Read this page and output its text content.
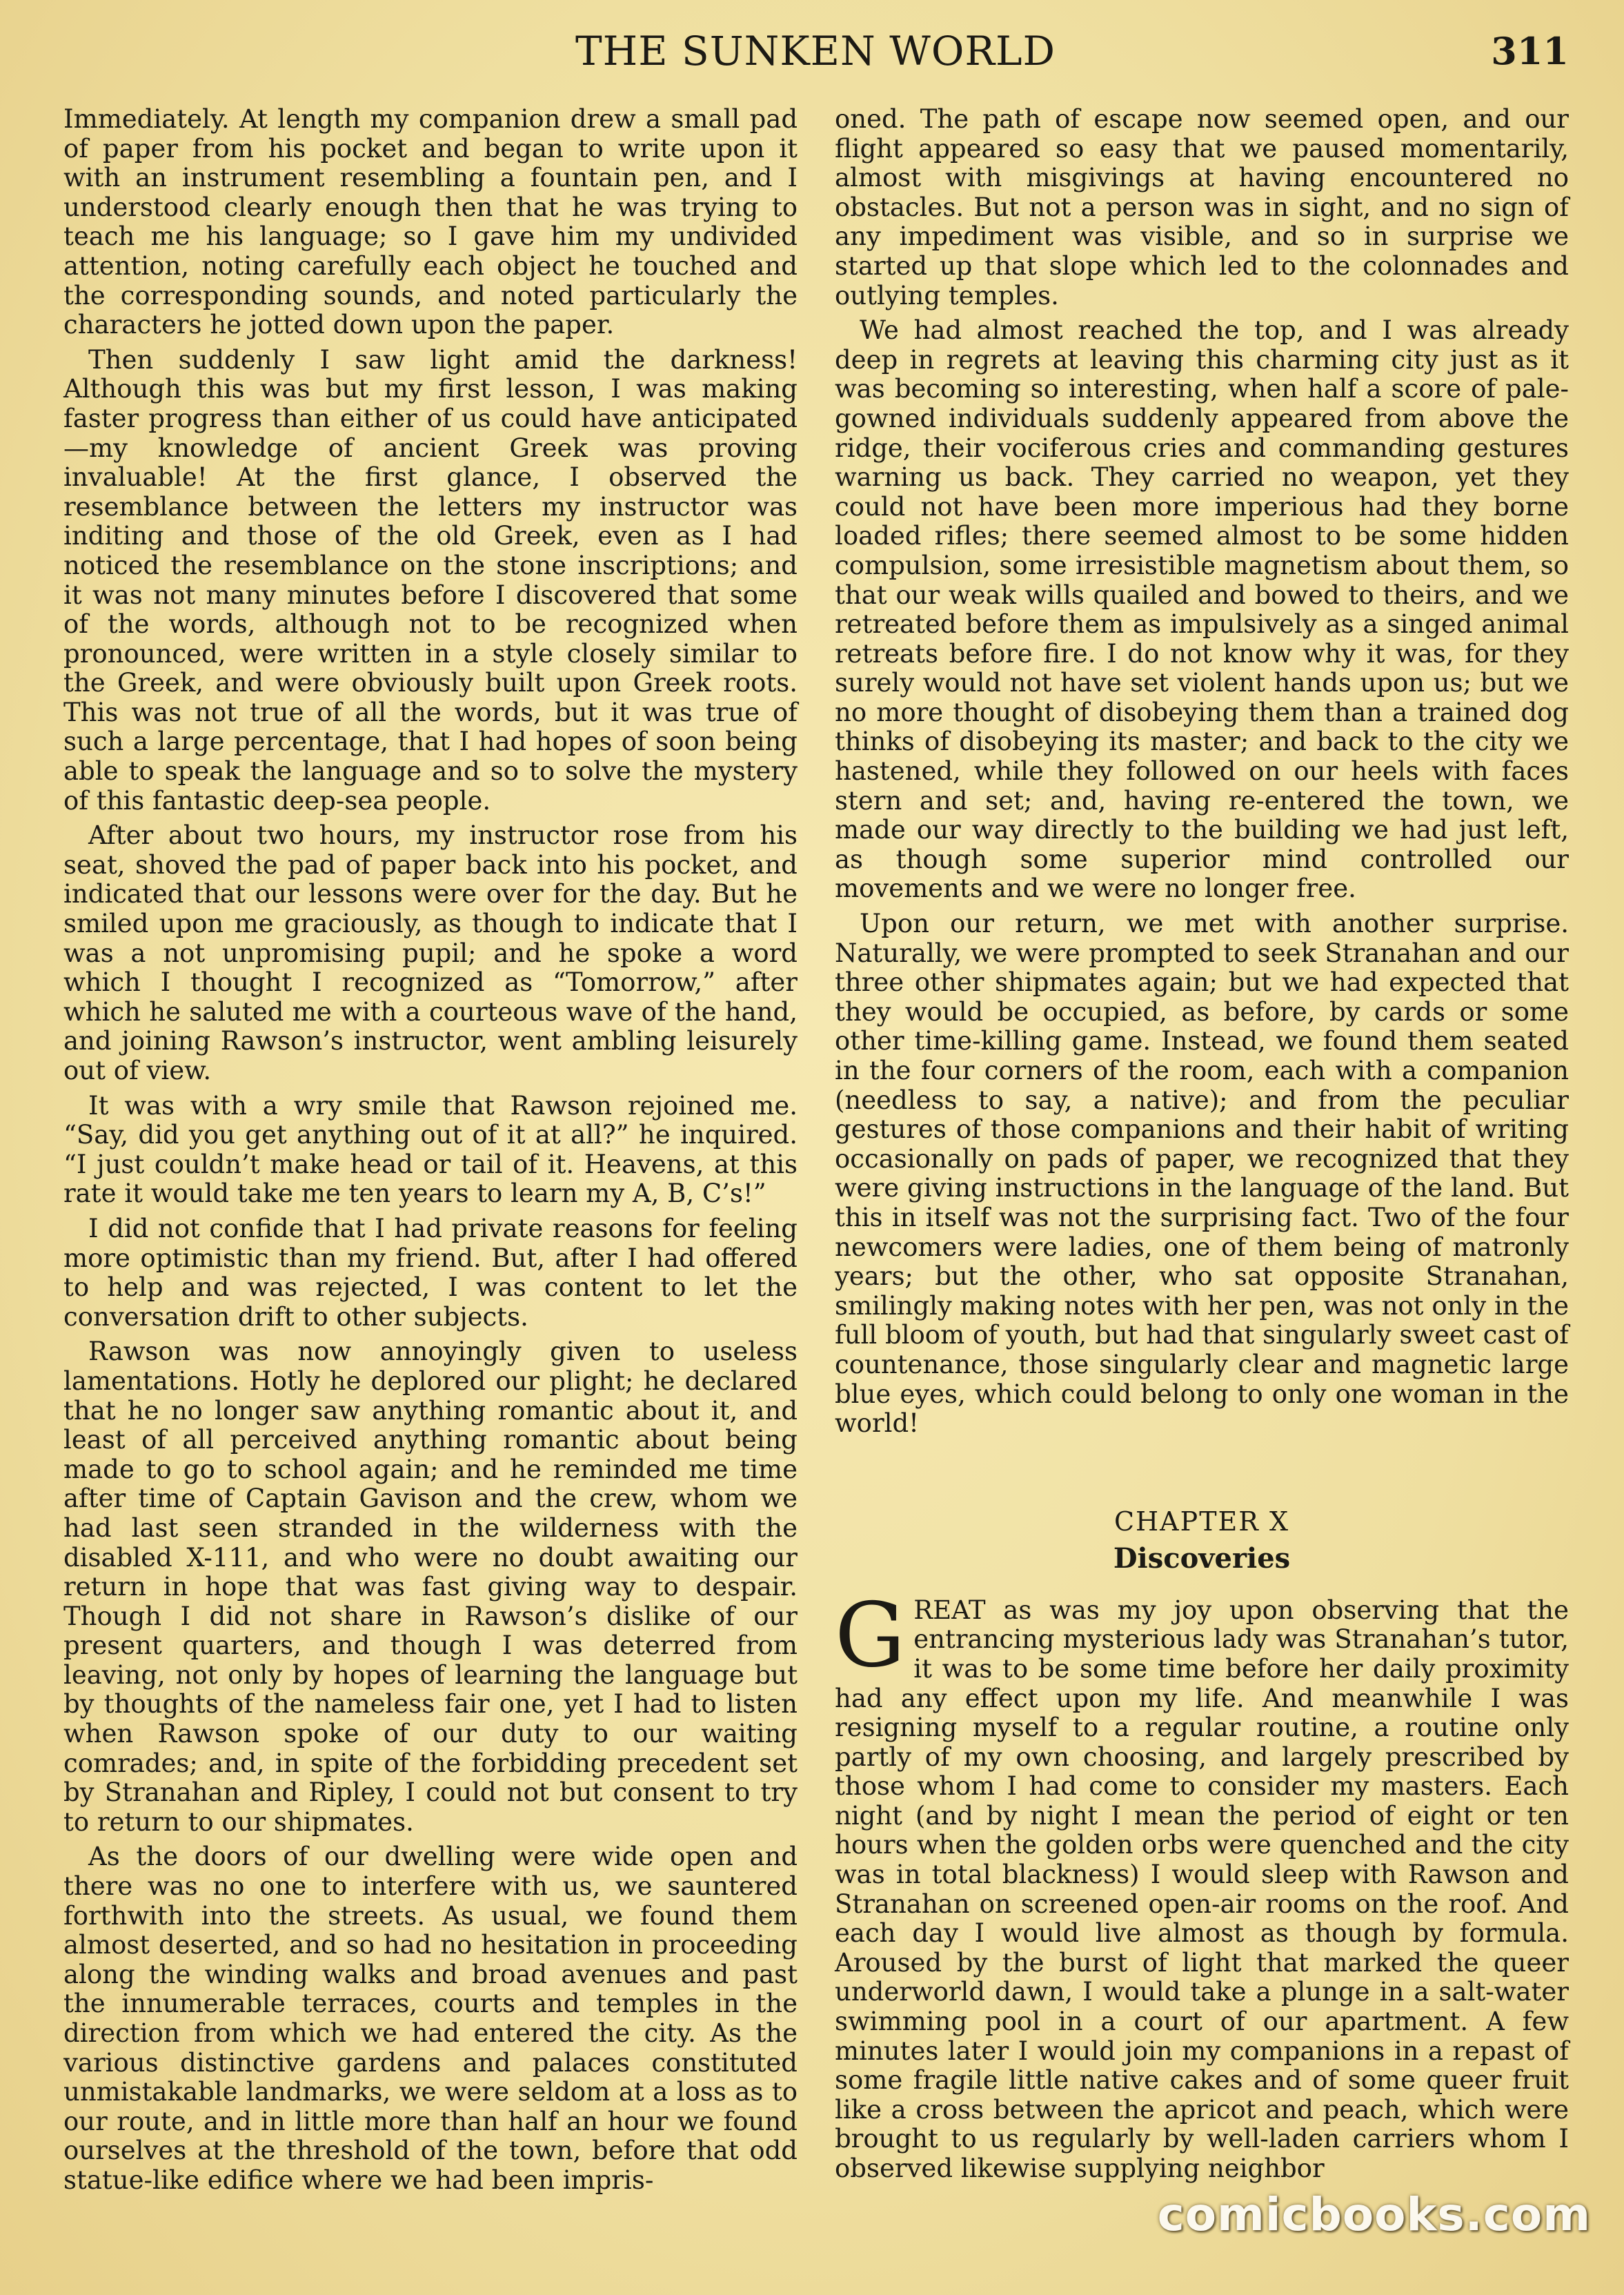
THE SUNKEN WORLD	311

Immediately. At length my companion drew a small pad of paper from his pocket and began to write upon it with an instrument resembling a fountain pen, and I understood clearly enough then that he was trying to teach me his language; so I gave him my undivided attention, noting carefully each object he touched and the corresponding sounds, and noted particularly the characters he jotted down upon the paper.

Then suddenly I saw light amid the darkness! Although this was but my first lesson, I was making faster progress than either of us could have anticipated —my knowledge of ancient Greek was proving invaluable! At the first glance, I observed the resemblance between the letters my instructor was inditing and those of the old Greek, even as I had noticed the resemblance on the stone inscriptions; and it was not many minutes before I discovered that some of the words, although not to be recognized when pronounced, were written in a style closely similar to the Greek, and were obviously built upon Greek roots. This was not true of all the words, but it was true of such a large percentage, that I had hopes of soon being able to speak the language and so to solve the mystery of this fantastic deep-sea people.

After about two hours, my instructor rose from his seat, shoved the pad of paper back into his pocket, and indicated that our lessons were over for the day. But he smiled upon me graciously, as though to indicate that I was a not unpromising pupil; and he spoke a word which I thought I recognized as “Tomorrow,” after which he saluted me with a courteous wave of the hand, and joining Rawson’s instructor, went ambling leisurely out of view.

It was with a wry smile that Rawson rejoined me. “Say, did you get anything out of it at all?” he inquired. “I just couldn’t make head or tail of it. Heavens, at this rate it would take me ten years to learn my A, B, C’s!”

I did not confide that I had private reasons for feeling more optimistic than my friend. But, after I had offered to help and was rejected, I was content to let the conversation drift to other subjects.

Rawson was now annoyingly given to useless lamentations. Hotly he deplored our plight; he declared that he no longer saw anything romantic about it, and least of all perceived anything romantic about being made to go to school again; and he reminded me time after time of Captain Gavison and the crew, whom we had last seen stranded in the wilderness with the disabled X-111, and who were no doubt awaiting our return in hope that was fast giving way to despair. Though I did not share in Rawson’s dislike of our present quarters, and though I was deterred from leaving, not only by hopes of learning the language but by thoughts of the nameless fair one, yet I had to listen when Rawson spoke of our duty to our waiting comrades; and, in spite of the forbidding precedent set by Stranahan and Ripley, I could not but consent to try to return to our shipmates.

As the doors of our dwelling were wide open and there was no one to interfere with us, we sauntered forthwith into the streets. As usual, we found them almost deserted, and so had no hesitation in proceeding along the winding walks and broad avenues and past the innumerable terraces, courts and temples in the direction from which we had entered the city. As the various distinctive gardens and palaces constituted unmistakable landmarks, we were seldom at a loss as to our route, and in little more than half an hour we found ourselves at the threshold of the town, before that odd statue-like edifice where we had been impris-

oned. The path of escape now seemed open, and our flight appeared so easy that we paused momentarily, almost with misgivings at having encountered no obstacles. But not a person was in sight, and no sign of any impediment was visible, and so in surprise we started up that slope which led to the colonnades and outlying temples.

We had almost reached the top, and I was already deep in regrets at leaving this charming city just as it was becoming so interesting, when half a score of pale-gowned individuals suddenly appeared from above the ridge, their vociferous cries and commanding gestures warning us back. They carried no weapon, yet they could not have been more imperious had they borne loaded rifles; there seemed almost to be some hidden compulsion, some irresistible magnetism about them, so that our weak wills quailed and bowed to theirs, and we retreated before them as impulsively as a singed animal retreats before fire. I do not know why it was, for they surely would not have set violent hands upon us; but we no more thought of disobeying them than a trained dog thinks of disobeying its master; and back to the city we hastened, while they followed on our heels with faces stern and set; and, having re-entered the town, we made our way directly to the building we had just left, as though some superior mind controlled our movements and we were no longer free.

Upon our return, we met with another surprise. Naturally, we were prompted to seek Stranahan and our three other shipmates again; but we had expected that they would be occupied, as before, by cards or some other time-killing game. Instead, we found them seated in the four corners of the room, each with a companion (needless to say, a native); and from the peculiar gestures of those companions and their habit of writing occasionally on pads of paper, we recognized that they were giving instructions in the language of the land. But this in itself was not the surprising fact. Two of the four newcomers were ladies, one of them being of matronly years; but the other, who sat opposite Stranahan, smilingly making notes with her pen, was not only in the full bloom of youth, but had that singularly sweet cast of countenance, those singularly clear and magnetic large blue eyes, which could belong to only one woman in the world!

CHAPTER X
Discoveries

GREAT as was my joy upon observing that the entrancing mysterious lady was Stranahan’s tutor, it was to be some time before her daily proximity had any effect upon my life. And meanwhile I was resigning myself to a regular routine, a routine only partly of my own choosing, and largely prescribed by those whom I had come to consider my masters. Each night (and by night I mean the period of eight or ten hours when the golden orbs were quenched and the city was in total blackness) I would sleep with Rawson and Stranahan on screened open-air rooms on the roof. And each day I would live almost as though by formula. Aroused by the burst of light that marked the queer underworld dawn, I would take a plunge in a salt-water swimming pool in a court of our apartment. A few minutes later I would join my companions in a repast of some fragile little native cakes and of some queer fruit like a cross between the apricot and peach, which were brought to us regularly by well-laden carriers whom I observed likewise supplying neighbor

comicbooks.com
